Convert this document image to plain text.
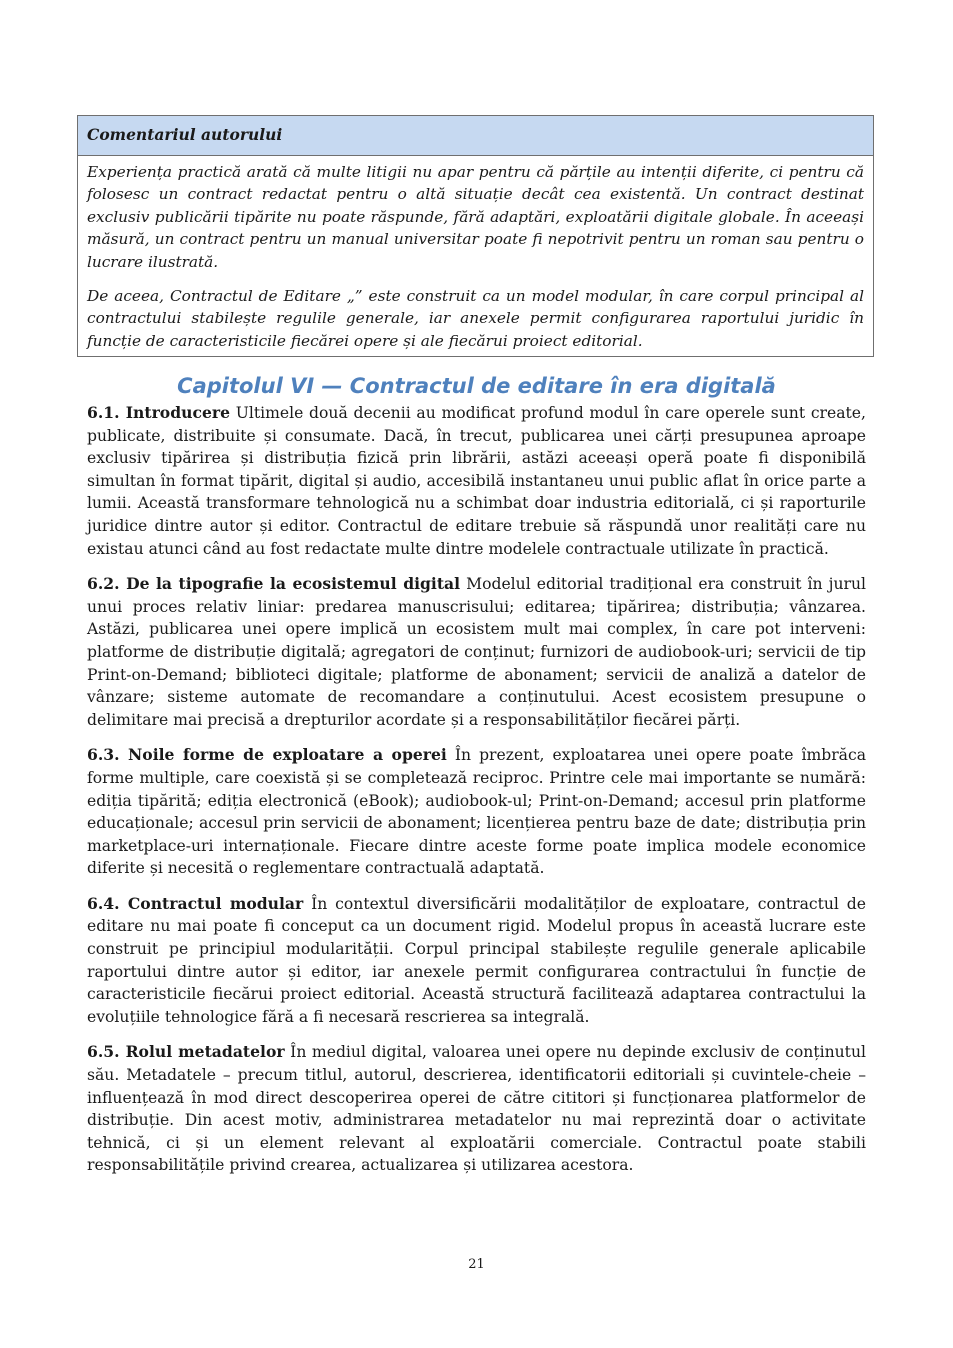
Comentariul autorului

Experiența practică arată că multe litigii nu apar pentru că părțile au intenții diferite, ci pentru că folosesc un contract redactat pentru o altă situație decât cea existentă. Un contract destinat exclusiv publicării tipărite nu poate răspunde, fără adaptări, exploatării digitale globale. În aceeași măsură, un contract pentru un manual universitar poate fi nepotrivit pentru un roman sau pentru o lucrare ilustrată.

De aceea, Contractul de Editare „” este construit ca un model modular, în care corpul principal al contractului stabilește regulile generale, iar anexele permit configurarea raportului juridic în funcție de caracteristicile fiecărei opere și ale fiecărui proiect editorial.

Capitolul VI — Contractul de editare în era digitală

6.1. Introducere Ultimele două decenii au modificat profund modul în care operele sunt create, publicate, distribuite și consumate. Dacă, în trecut, publicarea unei cărți presupunea aproape exclusiv tipărirea și distribuția fizică prin librării, astăzi aceeași operă poate fi disponibilă simultan în format tipărit, digital și audio, accesibilă instantaneu unui public aflat în orice parte a lumii. Această transformare tehnologică nu a schimbat doar industria editorială, ci și raporturile juridice dintre autor și editor. Contractul de editare trebuie să răspundă unor realități care nu existau atunci când au fost redactate multe dintre modelele contractuale utilizate în practică.

6.2. De la tipografie la ecosistemul digital Modelul editorial tradițional era construit în jurul unui proces relativ liniar: predarea manuscrisului; editarea; tipărirea; distribuția; vânzarea. Astăzi, publicarea unei opere implică un ecosistem mult mai complex, în care pot interveni: platforme de distribuție digitală; agregatori de conținut; furnizori de audiobook-uri; servicii de tip Print-on-Demand; biblioteci digitale; platforme de abonament; servicii de analiză a datelor de vânzare; sisteme automate de recomandare a conținutului. Acest ecosistem presupune o delimitare mai precisă a drepturilor acordate și a responsabilităților fiecărei părți.

6.3. Noile forme de exploatare a operei În prezent, exploatarea unei opere poate îmbrăca forme multiple, care coexistă și se completează reciproc. Printre cele mai importante se numără: ediția tipărită; ediția electronică (eBook); audiobook-ul; Print-on-Demand; accesul prin platforme educaționale; accesul prin servicii de abonament; licențierea pentru baze de date; distribuția prin marketplace-uri internaționale. Fiecare dintre aceste forme poate implica modele economice diferite și necesită o reglementare contractuală adaptată.

6.4. Contractul modular În contextul diversificării modalităților de exploatare, contractul de editare nu mai poate fi conceput ca un document rigid. Modelul propus în această lucrare este construit pe principiul modularității. Corpul principal stabilește regulile generale aplicabile raportului dintre autor și editor, iar anexele permit configurarea contractului în funcție de caracteristicile fiecărui proiect editorial. Această structură facilitează adaptarea contractului la evoluțiile tehnologice fără a fi necesară rescrierea sa integrală.

6.5. Rolul metadatelor În mediul digital, valoarea unei opere nu depinde exclusiv de conținutul său. Metadatele – precum titlul, autorul, descrierea, identificatorii editoriali și cuvintele-cheie – influențează în mod direct descoperirea operei de către cititori și funcționarea platformelor de distribuție. Din acest motiv, administrarea metadatelor nu mai reprezintă doar o activitate tehnică, ci și un element relevant al exploatării comerciale. Contractul poate stabili responsabilitățile privind crearea, actualizarea și utilizarea acestora.

21
